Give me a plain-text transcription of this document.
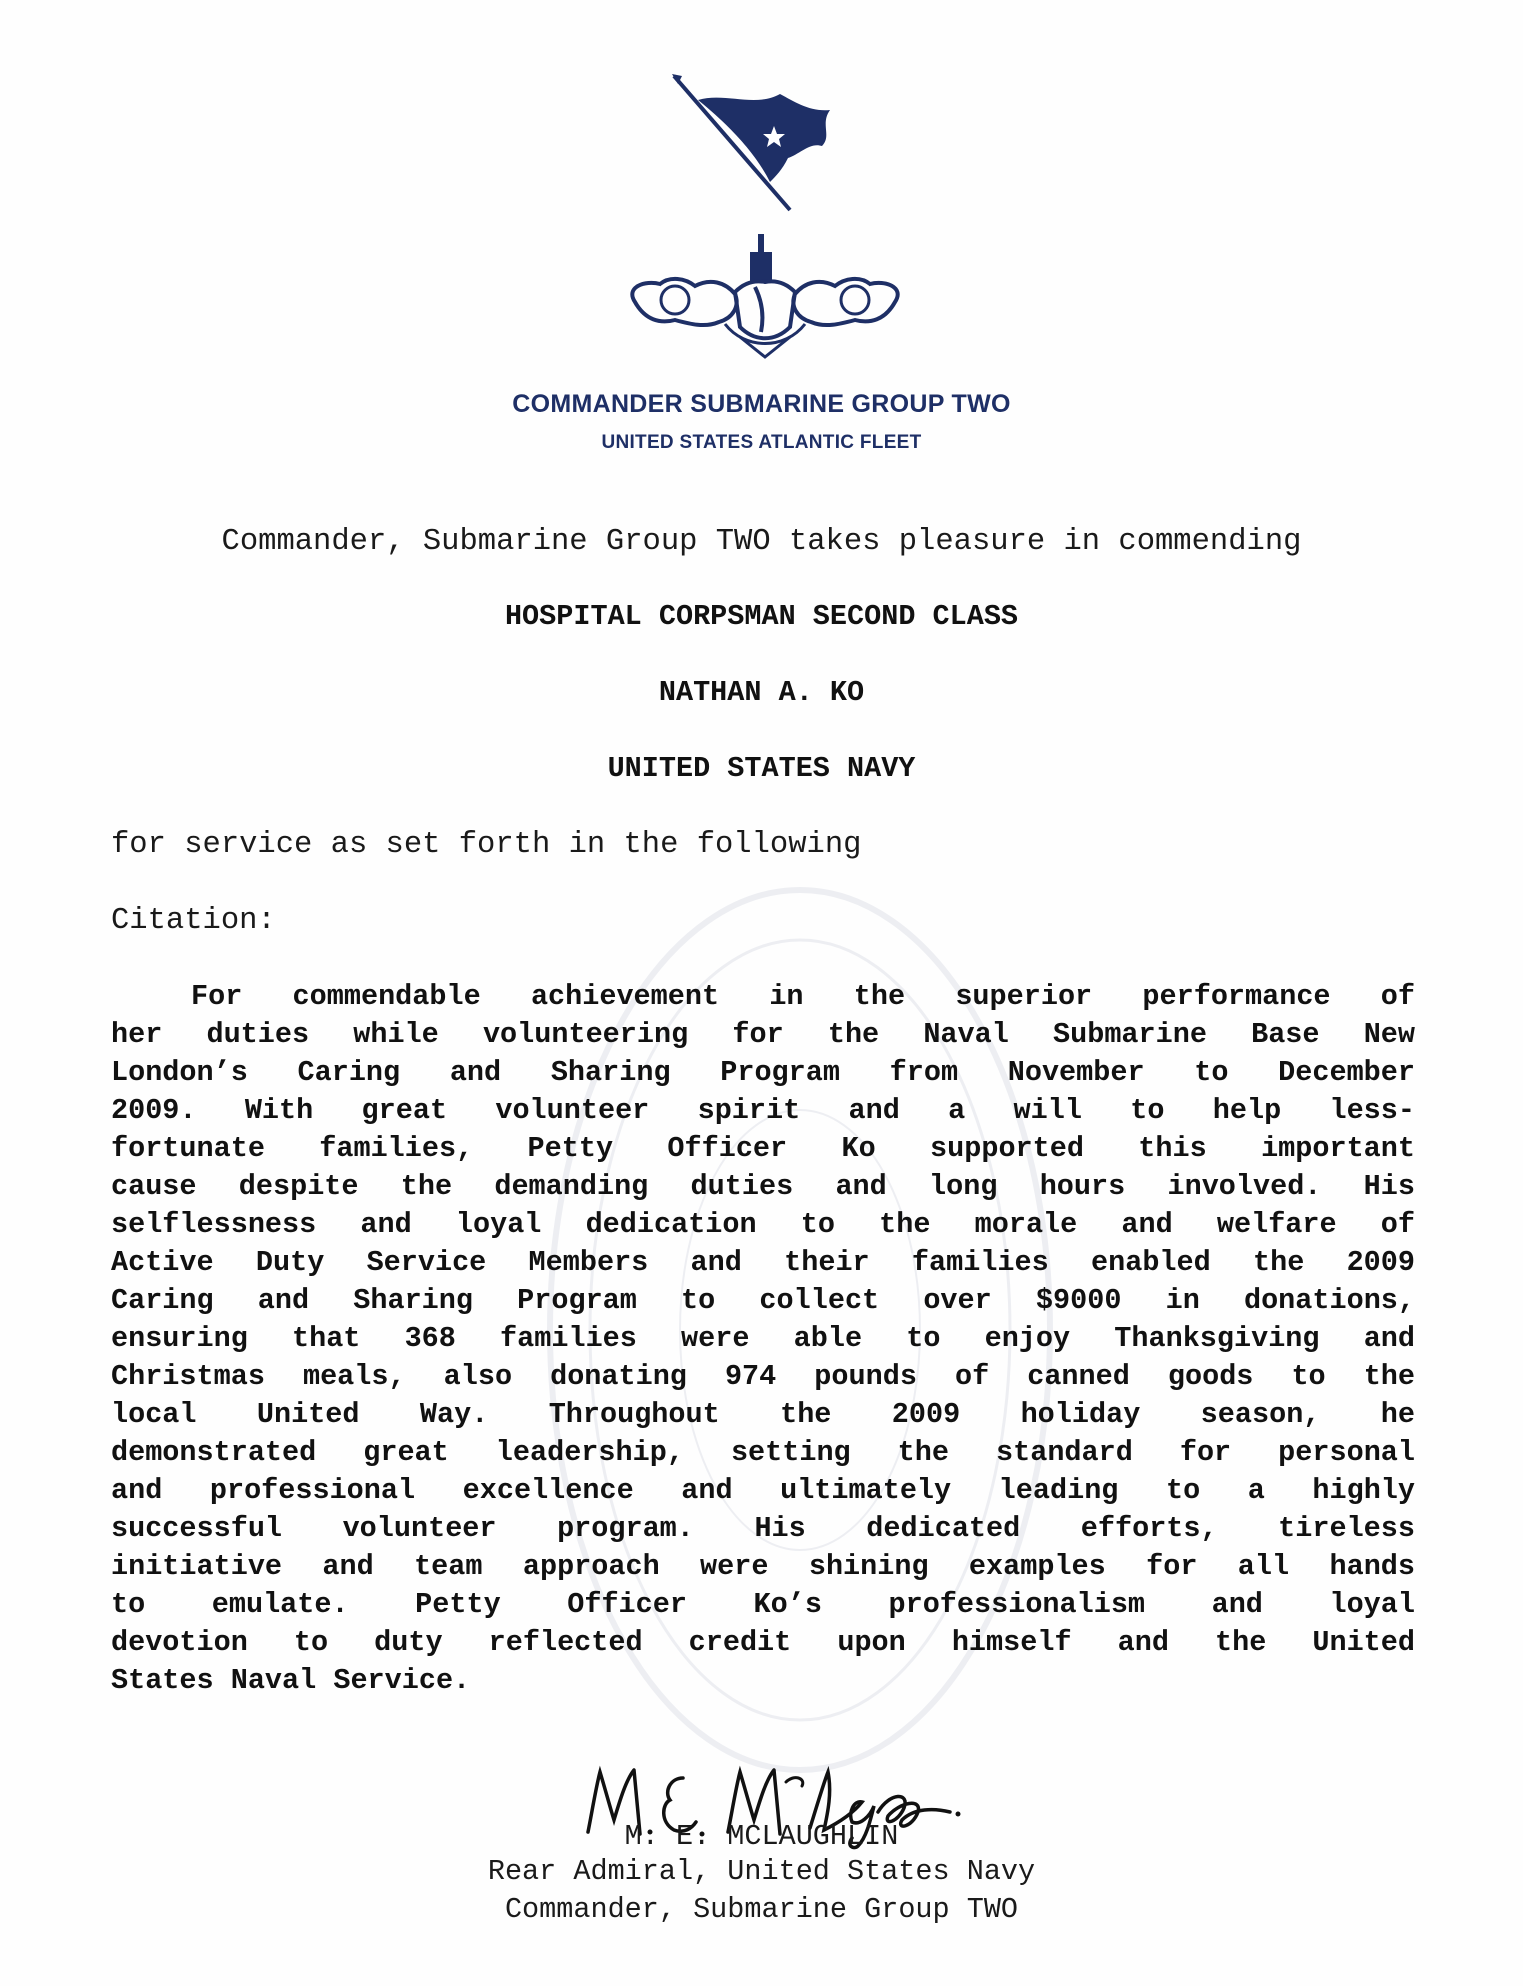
COMMANDER SUBMARINE GROUP TWO
UNITED STATES ATLANTIC FLEET
Commander, Submarine Group TWO takes pleasure in commending
HOSPITAL CORPSMAN SECOND CLASS
NATHAN A. KO
UNITED STATES NAVY
for service as set forth in the following
Citation:
For commendable achievement in the superior performance of
her duties while volunteering for the Naval Submarine Base New
London’s Caring and Sharing Program from November to December
2009. With great volunteer spirit and a will to help less-
fortunate families, Petty Officer Ko supported this important
cause despite the demanding duties and long hours involved. His
selflessness and loyal dedication to the morale and welfare of
Active Duty Service Members and their families enabled the 2009
Caring and Sharing Program to collect over $9000 in donations,
ensuring that 368 families were able to enjoy Thanksgiving and
Christmas meals, also donating 974 pounds of canned goods to the
local United Way. Throughout the 2009 holiday season, he
demonstrated great leadership, setting the standard for personal
and professional excellence and ultimately leading to a highly
successful volunteer program. His dedicated efforts, tireless
initiative and team approach were shining examples for all hands
to emulate. Petty Officer Ko’s professionalism and loyal
devotion to duty reflected credit upon himself and the United
States Naval Service.
M. E. MCLAUGHLIN
Rear Admiral, United States Navy
Commander, Submarine Group TWO
